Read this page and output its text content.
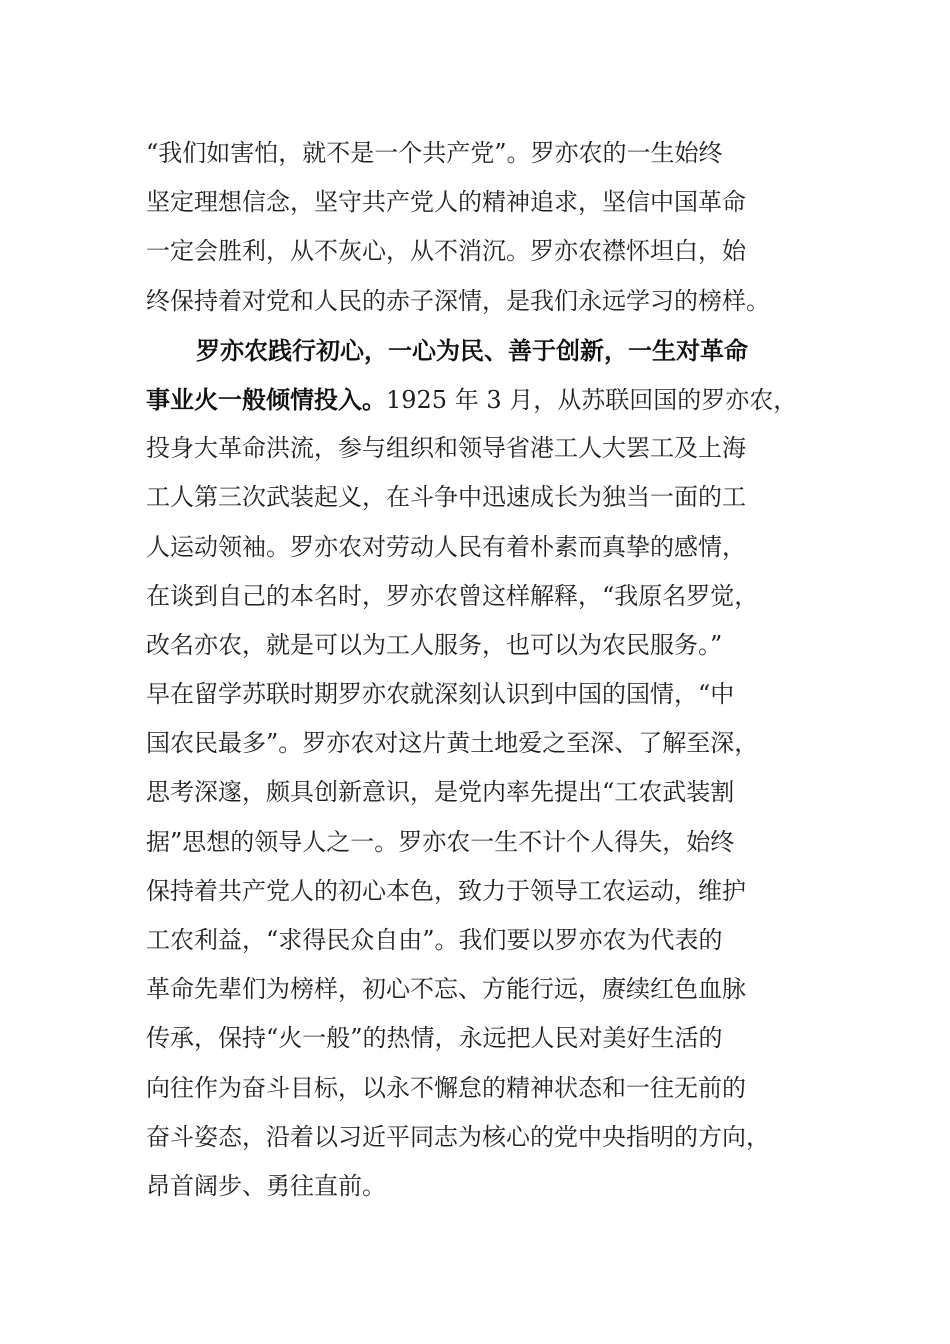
“我们如害怕，就不是一个共产党”。罗亦农的一生始终
坚定理想信念，坚守共产党人的精神追求，坚信中国革命
一定会胜利，从不灰心，从不消沉。罗亦农襟怀坦白，始
终保持着对党和人民的赤子深情，是我们永远学习的榜样。
罗亦农践行初心，一心为民、善于创新，一生对革命
事业火一般倾情投入。1925 年 3 月，从苏联回国的罗亦农，
投身大革命洪流，参与组织和领导省港工人大罢工及上海
工人第三次武装起义，在斗争中迅速成长为独当一面的工
人运动领袖。罗亦农对劳动人民有着朴素而真挚的感情，
在谈到自己的本名时，罗亦农曾这样解释，“我原名罗觉，
改名亦农，就是可以为工人服务，也可以为农民服务。”
早在留学苏联时期罗亦农就深刻认识到中国的国情，“中
国农民最多”。罗亦农对这片黄土地爱之至深、了解至深，
思考深邃，颇具创新意识，是党内率先提出“工农武装割
据”思想的领导人之一。罗亦农一生不计个人得失，始终
保持着共产党人的初心本色，致力于领导工农运动，维护
工农利益，“求得民众自由”。我们要以罗亦农为代表的
革命先辈们为榜样，初心不忘、方能行远，赓续红色血脉
传承，保持“火一般”的热情，永远把人民对美好生活的
向往作为奋斗目标，以永不懈怠的精神状态和一往无前的
奋斗姿态，沿着以习近平同志为核心的党中央指明的方向，
昂首阔步、勇往直前。
